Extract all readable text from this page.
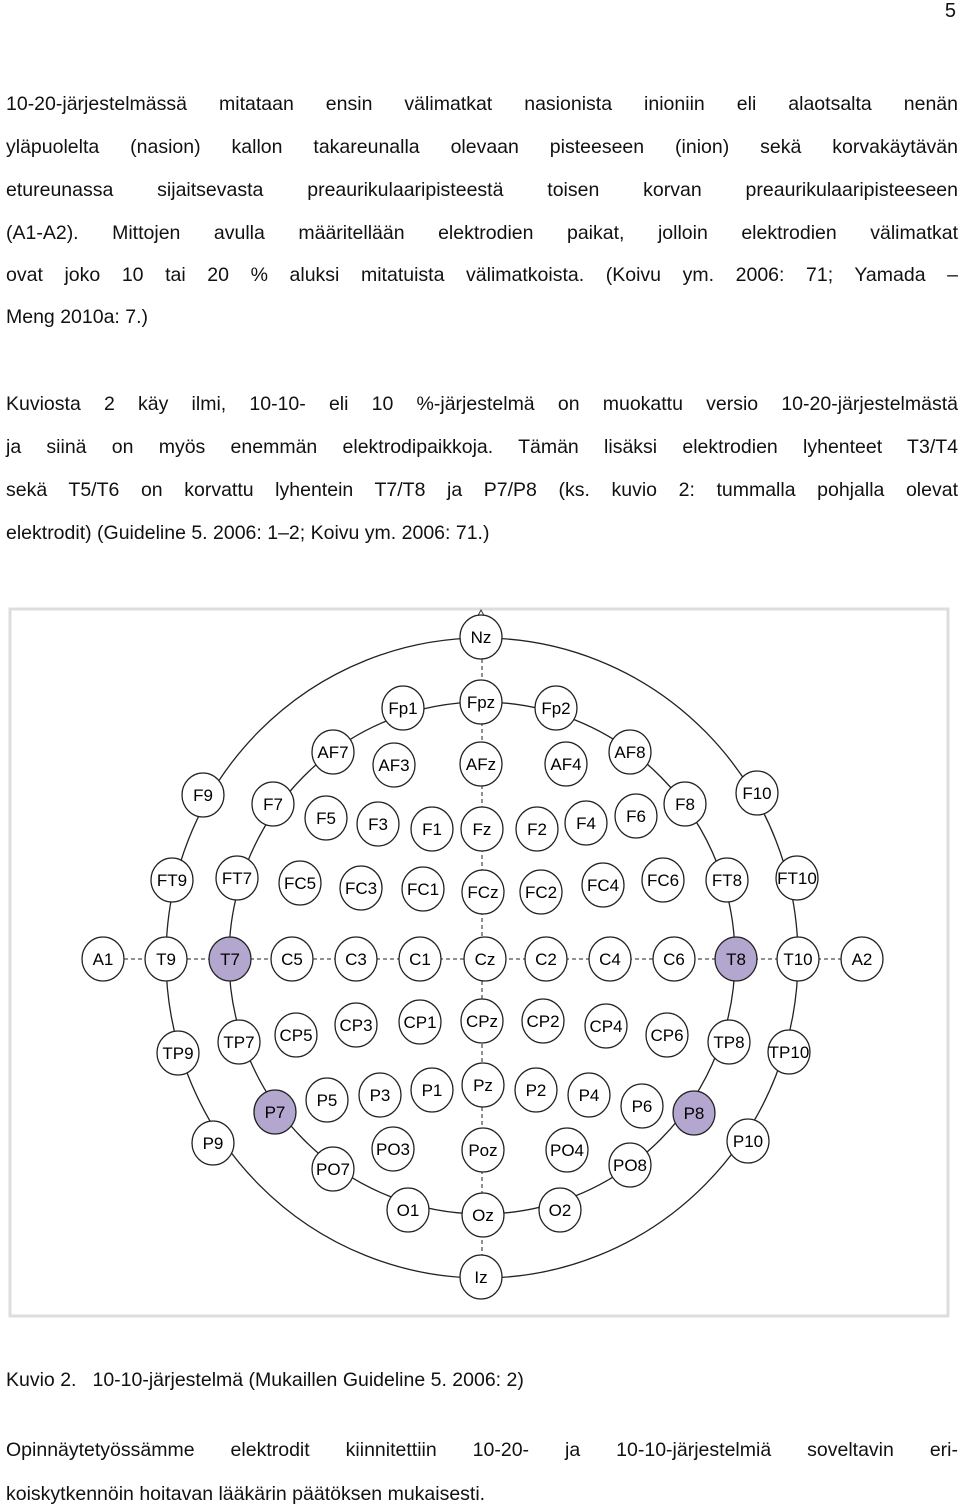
5
10-20-järjestelmässä mitataan ensin välimatkat nasionista inioniin eli alaotsalta nenän
yläpuolelta (nasion) kallon takareunalla olevaan pisteeseen (inion) sekä korvakäytävän
etureunassa sijaitsevasta preaurikulaaripisteestä toisen korvan preaurikulaaripisteeseen
(A1-A2). Mittojen avulla määritellään elektrodien paikat, jolloin elektrodien välimatkat
ovat joko 10 tai 20 % aluksi mitatuista välimatkoista. (Koivu ym. 2006: 71; Yamada –
Meng 2010a: 7.)
Kuviosta 2 käy ilmi, 10-10- eli 10 %-järjestelmä on muokattu versio 10-20-järjestelmästä
ja siinä on myös enemmän elektrodipaikkoja. Tämän lisäksi elektrodien lyhenteet T3/T4
sekä T5/T6 on korvattu lyhentein T7/T8 ja P7/P8 (ks. kuvio 2: tummalla pohjalla olevat
elektrodit) (Guideline 5. 2006: 1–2; Koivu ym. 2006: 71.)
Nz
Fp1	Fpz	Fp2
AF7
AF3	AFz	AF4
AF8
F9	F7
F5 F3 F1 Fz F2 F4 F6
F8
F10
FT9 FT7 FC5 FC3 FC1 FCz FC2 FC4 FC6 FT8 FT10
A1	T9	T7 C5 C3 C1	Cz C2 C4 C6 T8 T10 A2
TP9
TP7 CP5
CP3 CP1 CPz CP2 CP4 CP6 TP8
TP10
P9
P7
P5 P3 P1 Pz P2 P4
P6 P8
P10
PO7
PO3	Poz	PO4
PO8
O1	Oz	O2
Iz
Kuvio 2. 10-10-järjestelmä (Mukaillen Guideline 5. 2006: 2)
Opinnäytetyössämme elektrodit kiinnitettiin 10-20- ja 10-10-järjestelmiä soveltavin eri-
koiskytkennöin hoitavan lääkärin päätöksen mukaisesti.
